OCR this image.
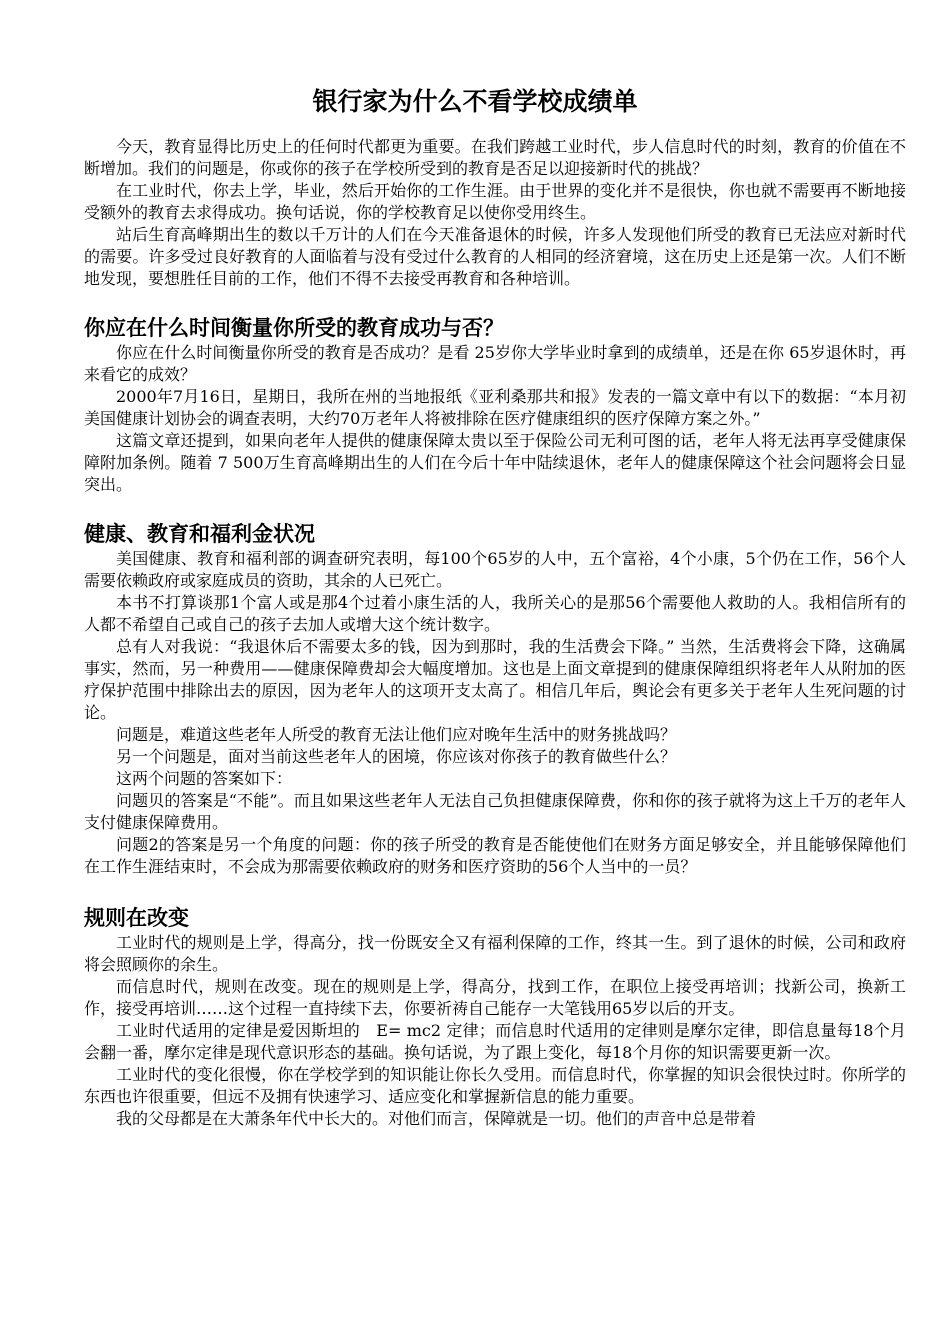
银行家为什么不看学校成绩单

今天，教育显得比历史上的任何时代都更为重要。在我们跨越工业时代，步人信息时代的时刻，教育的价值在不断增加。我们的问题是，你或你的孩子在学校所受到的教育是否足以迎接新时代的挑战？

在工业时代，你去上学，毕业，然后开始你的工作生涯。由于世界的变化并不是很快，你也就不需要再不断地接受额外的教育去求得成功。换句话说，你的学校教育足以使你受用终生。

站后生育高峰期出生的数以千万计的人们在今天准备退休的时候，许多人发现他们所受的教育已无法应对新时代的需要。许多受过良好教育的人面临着与没有受过什么教育的人相同的经济窘境，这在历史上还是第一次。人们不断地发现，要想胜任目前的工作，他们不得不去接受再教育和各种培训。

你应在什么时间衡量你所受的教育成功与否？

你应在什么时间衡量你所受的教育是否成功？是看 25岁你大学毕业时拿到的成绩单，还是在你 65岁退休时，再来看它的成效？

2000年7月16日，星期日，我所在州的当地报纸《亚利桑那共和报》发表的一篇文章中有以下的数据：“本月初美国健康计划协会的调查表明，大约70万老年人将被排除在医疗健康组织的医疗保障方案之外。”

这篇文章还提到，如果向老年人提供的健康保障太贵以至于保险公司无利可图的话，老年人将无法再享受健康保障附加条例。随着 7 500万生育高峰期出生的人们在今后十年中陆续退休，老年人的健康保障这个社会问题将会日显突出。

健康、教育和福利金状况

美国健康、教育和福利部的调查研究表明，每100个65岁的人中，五个富裕，4个小康，5个仍在工作，56个人需要依赖政府或家庭成员的资助，其余的人已死亡。

本书不打算谈那1个富人或是那4个过着小康生活的人，我所关心的是那56个需要他人救助的人。我相信所有的人都不希望自己或自己的孩子去加人或增大这个统计数字。

总有人对我说：“我退休后不需要太多的钱，因为到那时，我的生活费会下降。” 当然，生活费将会下降，这确属事实，然而，另一种费用——健康保障费却会大幅度增加。这也是上面文章提到的健康保障组织将老年人从附加的医疗保护范围中排除出去的原因，因为老年人的这项开支太高了。相信几年后，舆论会有更多关于老年人生死问题的讨论。

问题是，难道这些老年人所受的教育无法让他们应对晚年生活中的财务挑战吗？

另一个问题是，面对当前这些老年人的困境，你应该对你孩子的教育做些什么？

这两个问题的答案如下：

问题贝的答案是“不能”。而且如果这些老年人无法自己负担健康保障费，你和你的孩子就将为这上千万的老年人支付健康保障费用。

问题2的答案是另一个角度的问题：你的孩子所受的教育是否能使他们在财务方面足够安全，并且能够保障他们在工作生涯结束时，不会成为那需要依赖政府的财务和医疗资助的56个人当中的一员？

规则在改变

工业时代的规则是上学，得高分，找一份既安全又有福利保障的工作，终其一生。到了退休的时候，公司和政府将会照顾你的余生。

而信息时代，规则在改变。现在的规则是上学，得高分，找到工作，在职位上接受再培训；找新公司，换新工作，接受再培训……这个过程一直持续下去，你要祈祷自己能存一大笔钱用65岁以后的开支。

工业时代适用的定律是爱因斯坦的　E= mc2 定律；而信息时代适用的定律则是摩尔定律，即信息量每18个月会翻一番，摩尔定律是现代意识形态的基础。换句话说，为了跟上变化，每18个月你的知识需要更新一次。

工业时代的变化很慢，你在学校学到的知识能让你长久受用。而信息时代，你掌握的知识会很快过时。你所学的东西也许很重要，但远不及拥有快速学习、适应变化和掌握新信息的能力重要。

我的父母都是在大萧条年代中长大的。对他们而言，保障就是一切。他们的声音中总是带着
